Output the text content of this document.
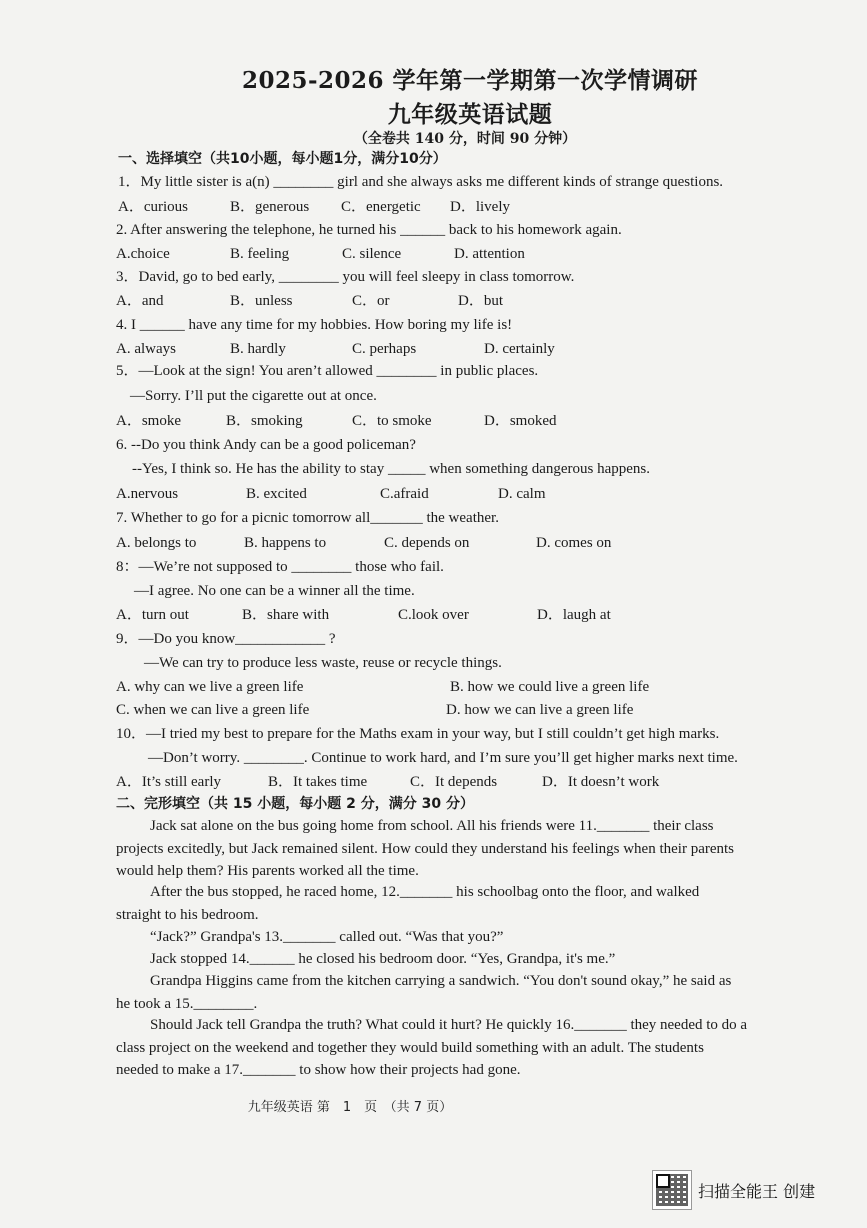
2025-2026 学年第一学期第一次学情调研
九年级英语试题
（全卷共 140 分，时间 90 分钟）
一、选择填空（共10小题，每小题1分，满分10分）
1．My little sister is a(n) ________ girl and she always asks me different kinds of strange questions.
A．curious	B．generous C．energetic D．lively
2. After answering the telephone, he turned his ______ back to his homework again.
A.choice	B. feeling	C. silence	D. attention
3．David, go to bed early, ________ you will feel sleepy in class tomorrow.
A．and	B．unless	C．or	D．but
4. I ______ have any time for my hobbies. How boring my life is!
A. always	B. hardly	C. perhaps	D. certainly
5．—Look at the sign! You aren’t allowed ________ in public places.
—Sorry. I’ll put the cigarette out at once.
A．smoke	B．smoking	C．to smoke	D．smoked
6. --Do you think Andy can be a good policeman?
--Yes, I think so. He has the ability to stay _____ when something dangerous happens.
A.nervous	B. excited	C.afraid	D. calm
7. Whether to go for a picnic tomorrow all_______ the weather.
A. belongs to	B. happens to	C. depends on	D. comes on
8：—We’re not supposed to ________ those who fail.
—I agree. No one can be a winner all the time.
A．turn out	B．share with	C.look over	D．laugh at
9．—Do you know____________ ?
—We can try to produce less waste, reuse or recycle things.
A. why can we live a green life	B. how we could live a green life
C. when we can live a green life	D. how we can live a green life
10．—I tried my best to prepare for the Maths exam in your way, but I still couldn’t get high marks.
—Don’t worry. ________. Continue to work hard, and I’m sure you’ll get higher marks next time.
A．It’s still early	B．It takes time	C．It depends	D．It doesn’t work
二、完形填空（共 15 小题，每小题 2 分，满分 30 分）
Jack sat alone on the bus going home from school. All his friends were 11._______ their class
projects excitedly, but Jack remained silent. How could they understand his feelings when their parents
would help them? His parents worked all the time.
After the bus stopped, he raced home, 12._______ his schoolbag onto the floor, and walked
straight to his bedroom.
“Jack?” Grandpa's 13._______ called out. “Was that you?”
Jack stopped 14.______ he closed his bedroom door. “Yes, Grandpa, it's me.”
Grandpa Higgins came from the kitchen carrying a sandwich. “You don't sound okay,” he said as
he took a 15.________.
Should Jack tell Grandpa the truth? What could it hurt? He quickly 16._______ they needed to do a
class project on the weekend and together they would build something with an adult. The students
needed to make a 17._______ to show how their projects had gone.
九年级英语 第　1　页　（共 7 页）
扫描全能王 创建
